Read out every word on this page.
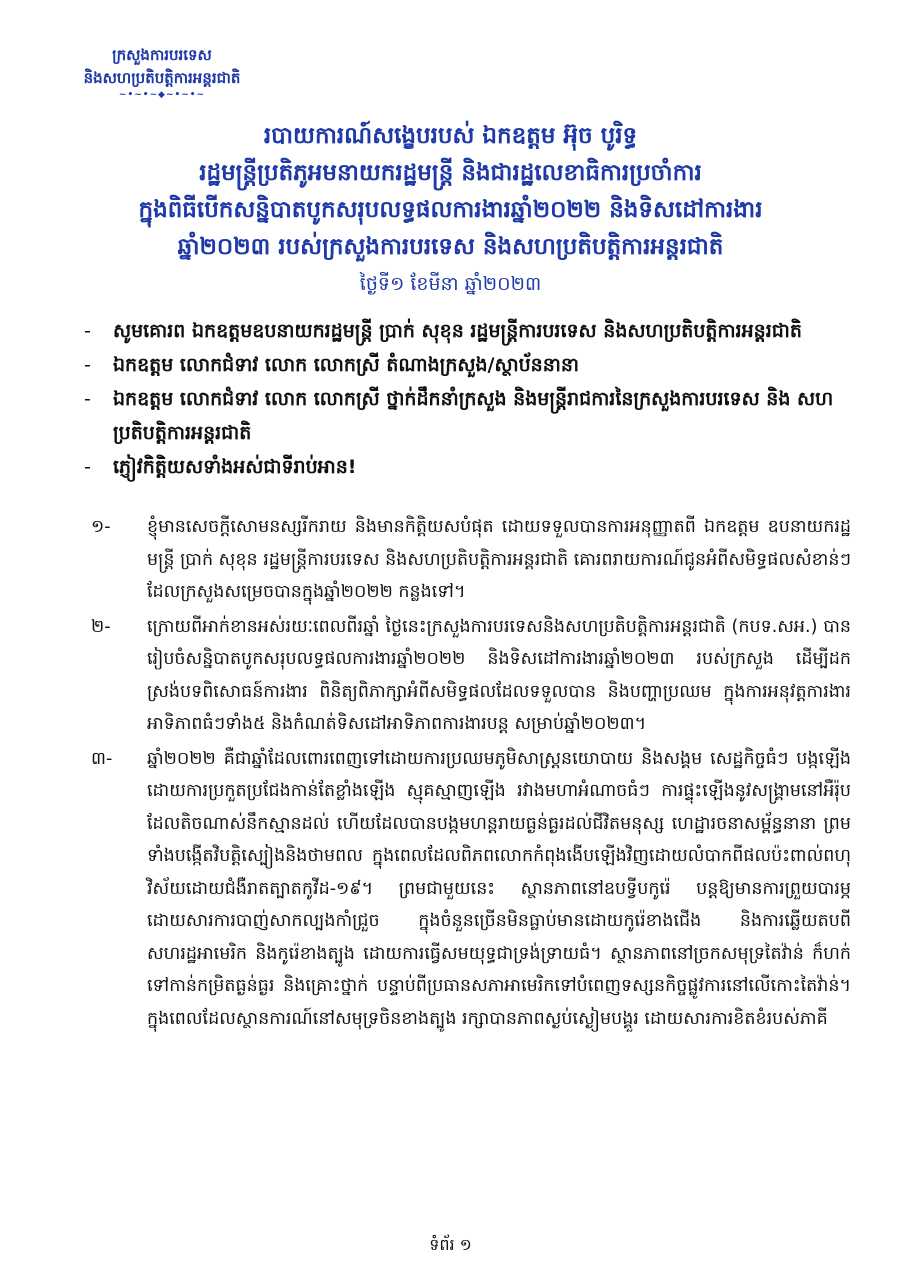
ក្រសួងការបរទេស
និងសហប្រតិបត្តិការអន្តរជាតិ
~•~•~◆~•~•~
របាយការណ៍សង្ខេបរបស់ ឯកឧត្តម អ៊ុច បូរិទ្ធ
រដ្ឋមន្ត្រីប្រតិភូអមនាយករដ្ឋមន្ត្រី និងជារដ្ឋលេខាធិការប្រចាំការ
ក្នុងពិធីបើកសន្និបាតបូកសរុបលទ្ធផលការងារឆ្នាំ២០២២ និងទិសដៅការងារ
ឆ្នាំ២០២៣ របស់ក្រសួងការបរទេស និងសហប្រតិបត្តិការអន្តរជាតិ
ថ្ងៃទី១ ខែមីនា ឆ្នាំ២០២៣
- សូមគោរព ឯកឧត្តមឧបនាយករដ្ឋមន្ត្រី ប្រាក់ សុខុន រដ្ឋមន្ត្រីការបរទេស និងសហប្រតិបត្តិការអន្តរជាតិ
- ឯកឧត្តម លោកជំទាវ លោក លោកស្រី តំណាងក្រសួង/ស្ថាប័ននានា
- ឯកឧត្តម លោកជំទាវ លោក លោកស្រី ថ្នាក់ដឹកនាំក្រសួង និងមន្ត្រីរាជការនៃក្រសួងការបរទេស និង សហប្រតិបត្តិការអន្តរជាតិ
- ភ្ញៀវកិត្តិយសទាំងអស់ជាទីរាប់អាន!
១-	ខ្ញុំមានសេចក្តីសោមនស្សរីករាយ និងមានកិត្តិយសបំផុត ដោយទទួលបានការអនុញ្ញាតពី ឯកឧត្តម ឧបនាយករដ្ឋមន្ត្រី ប្រាក់ សុខុន រដ្ឋមន្ត្រីការបរទេស និងសហប្រតិបត្តិការអន្តរជាតិ គោរពរាយការណ៍ជូនអំពីសមិទ្ធផលសំខាន់ៗដែលក្រសួងសម្រេចបានក្នុងឆ្នាំ២០២២ កន្លងទៅ។
២-	ក្រោយពីអាក់ខានអស់រយៈពេលពីរឆ្នាំ ថ្ងៃនេះក្រសួងការបរទេសនិងសហប្រតិបត្តិការអន្តរជាតិ (កបទ.សអ.) បានរៀបចំសន្និបាតបូកសរុបលទ្ធផលការងារឆ្នាំ២០២២ និងទិសដៅការងារឆ្នាំ២០២៣ របស់ក្រសួង ដើម្បីដកស្រង់បទពិសោធន៍ការងារ ពិនិត្យពិភាក្សាអំពីសមិទ្ធផលដែលទទួលបាន និងបញ្ហាប្រឈម ក្នុងការអនុវត្តការងារអាទិភាពធំៗទាំង៥ និងកំណត់ទិសដៅអាទិភាពការងារបន្ត សម្រាប់ឆ្នាំ២០២៣។
៣-	ឆ្នាំ២០២២ គឺជាឆ្នាំដែលពោរពេញទៅដោយការប្រឈមភូមិសាស្ត្រនយោបាយ និងសង្គម សេដ្ឋកិច្ចធំៗ បង្កឡើងដោយការប្រកួតប្រជែងកាន់តែខ្លាំងឡើង ស្មុគស្មាញឡើង រវាងមហាអំណាចធំៗ ការផ្ទុះឡើងនូវសង្គ្រាមនៅអឺរ៉ុប ដែលតិចណាស់នឹកស្មានដល់ ហើយដែលបានបង្កមហន្តរាយធ្ងន់ធ្ងរដល់ជីវិតមនុស្ស ហេដ្ឋារចនាសម្ព័ន្ធនានា ព្រមទាំងបង្កើតវិបត្តិស្បៀងនិងថាមពល ក្នុងពេលដែលពិភពលោកកំពុងងើបឡើងវិញដោយលំបាកពីផលប៉ះពាល់ពហុវិស័យដោយជំងឺរាតត្បាតកូវីដ-១៩។ ព្រមជាមួយនេះ ស្ថានភាពនៅឧបទ្វីបកូរ៉េ បន្តឱ្យមានការព្រួយបារម្ភ ដោយសារការបាញ់សាកល្បងកាំជ្រួច ក្នុងចំនួនច្រើនមិនធ្លាប់មានដោយកូរ៉េខាងជើង និងការឆ្លើយតបពីសហរដ្ឋអាមេរិក និងកូរ៉េខាងត្បូង ដោយការធ្វើសមយុទ្ធជាទ្រង់ទ្រាយធំ។ ស្ថានភាពនៅច្រកសមុទ្រតៃវ៉ាន់ ក៏ហក់ទៅកាន់កម្រិតធ្ងន់ធ្ងរ និងគ្រោះថ្នាក់ បន្ទាប់ពីប្រធានសភាអាមេរិកទៅបំពេញទស្សនកិច្ចផ្លូវការនៅលើកោះតៃវ៉ាន់។ ក្នុងពេលដែលស្ថានការណ៍នៅសមុទ្រចិនខាងត្បូង រក្សាបានភាពស្ងប់ស្ងៀមបង្គួរ ដោយសារការខិតខំរបស់ភាគី
ទំព័រ ១
